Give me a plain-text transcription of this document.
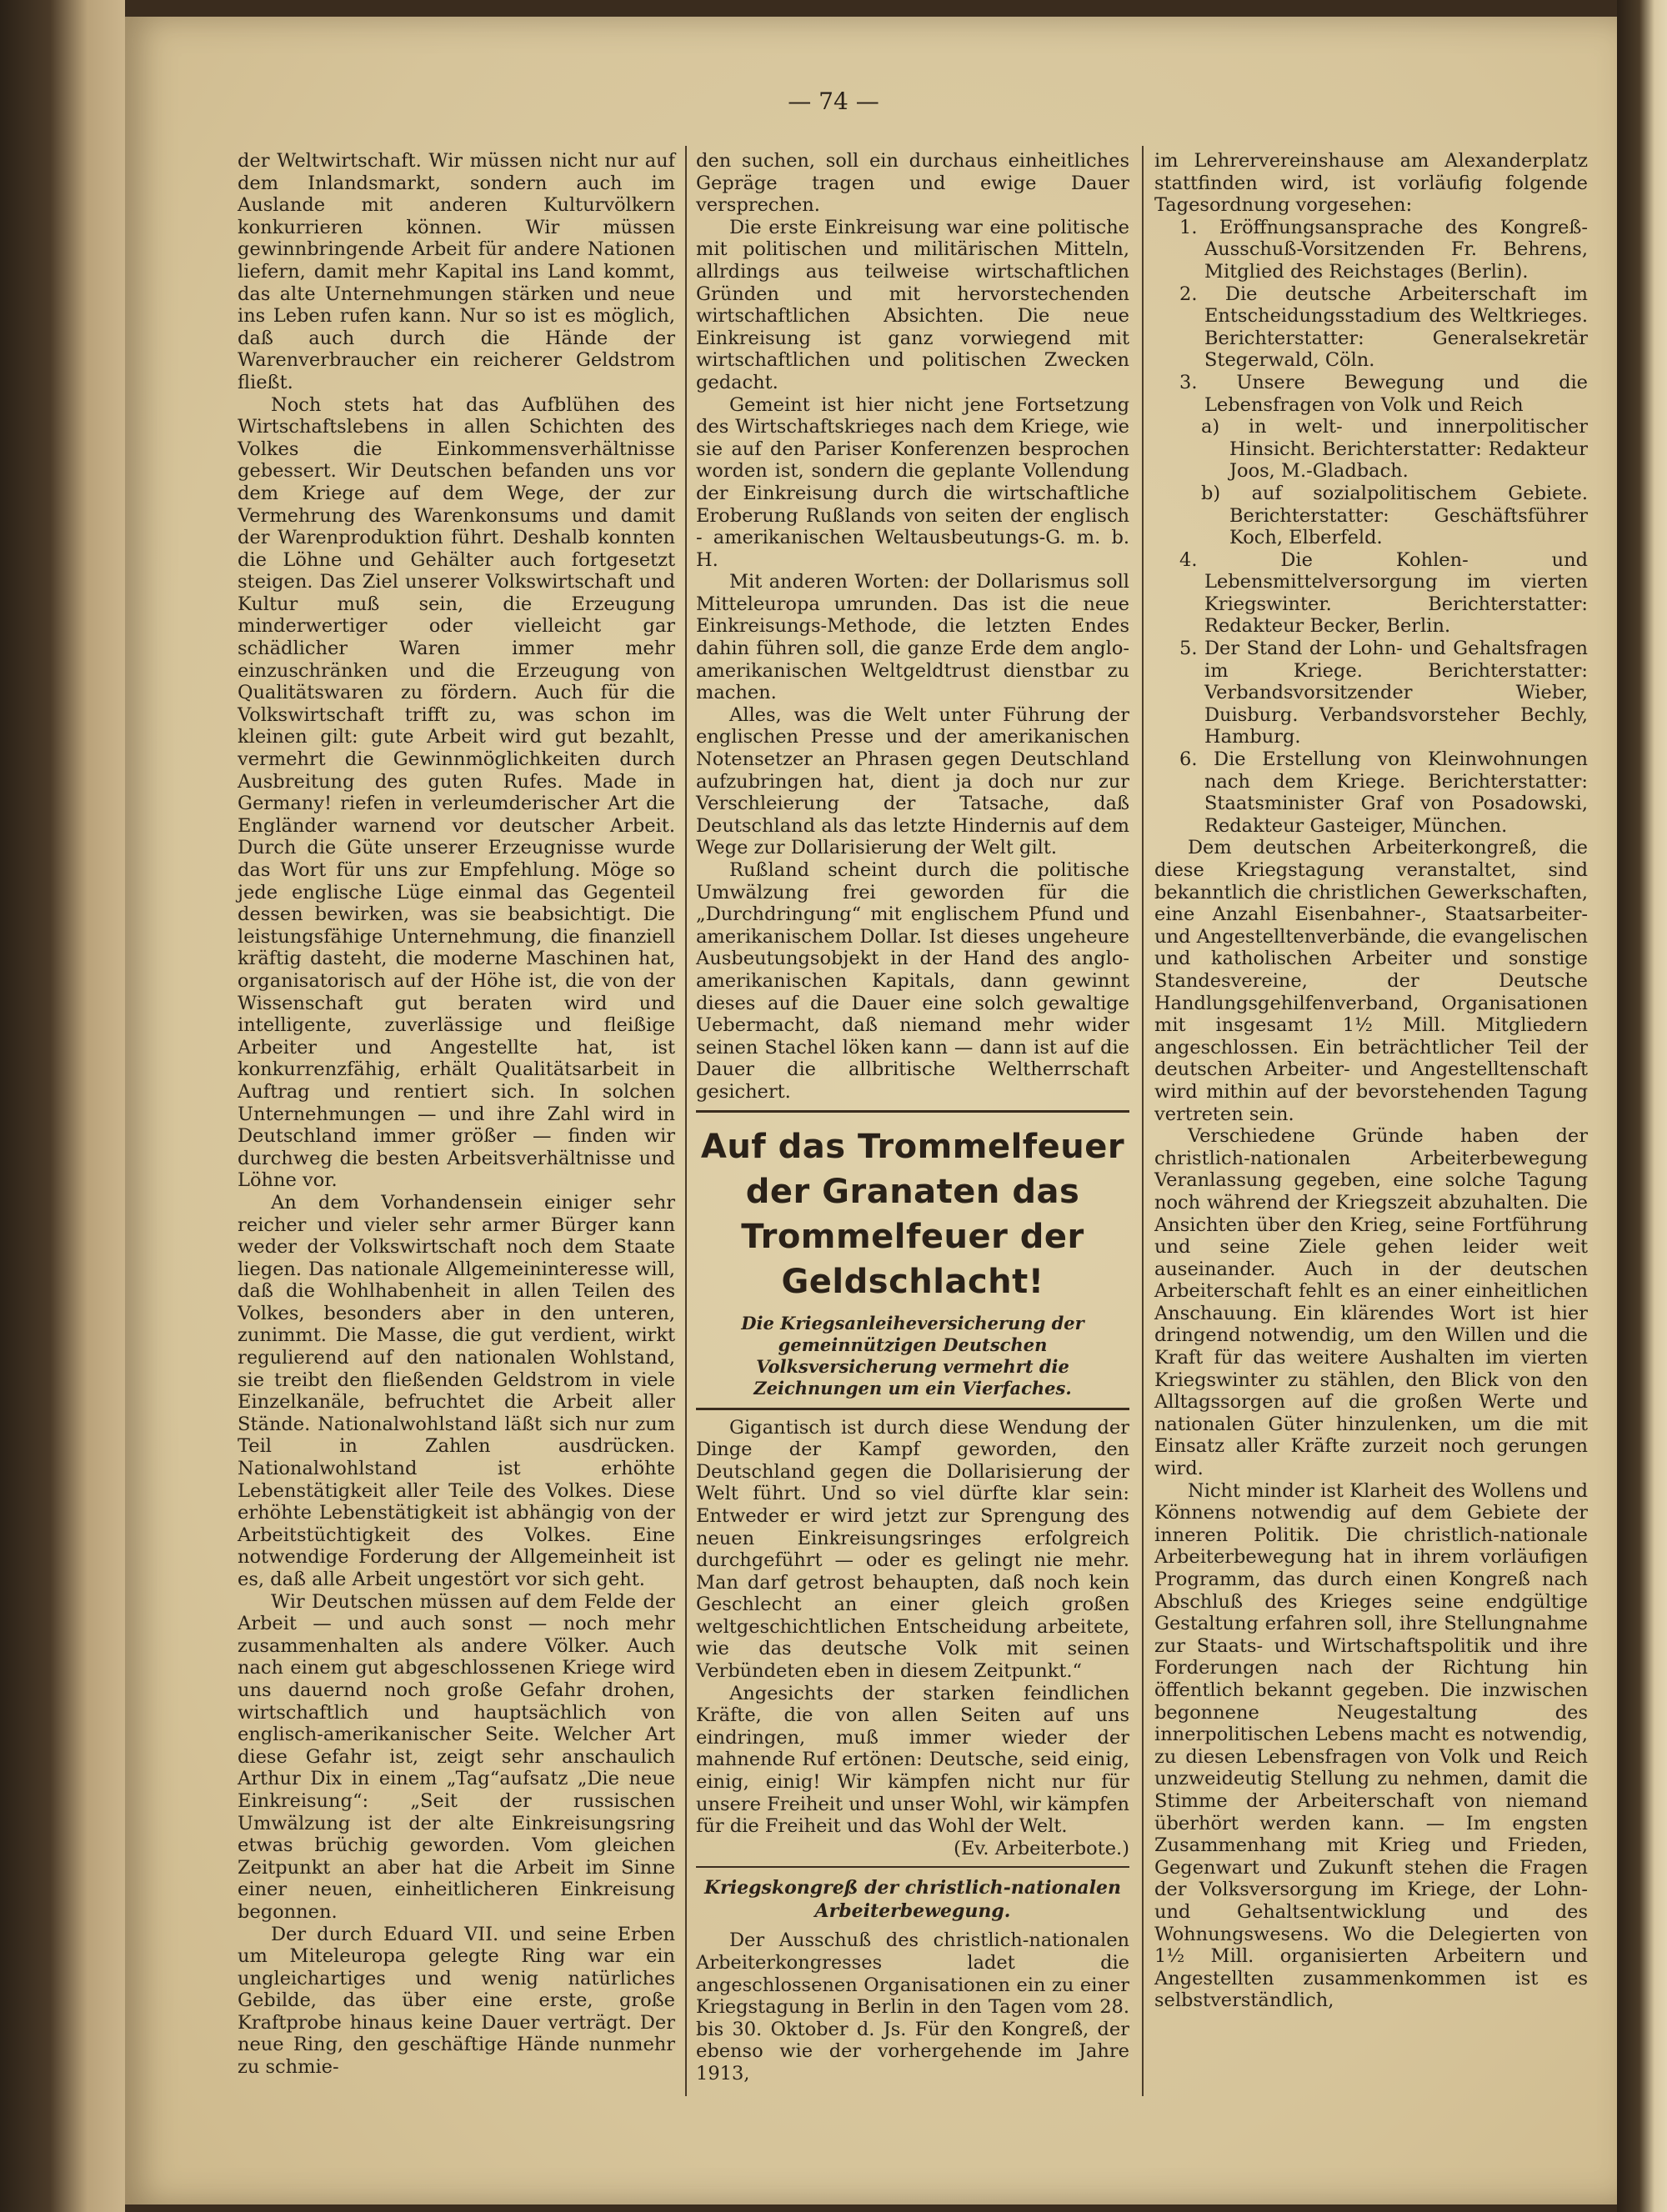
— 74 —

der Weltwirtschaft. Wir müssen nicht nur auf dem Inlandsmarkt, sondern auch im Auslande mit anderen Kulturvölkern konkurrieren können. Wir müssen gewinnbringende Arbeit für andere Nationen liefern, damit mehr Kapital ins Land kommt, das alte Unternehmungen stärken und neue ins Leben rufen kann. Nur so ist es möglich, daß auch durch die Hände der Warenverbraucher ein reicherer Geldstrom fließt.

Noch stets hat das Aufblühen des Wirtschaftslebens in allen Schichten des Volkes die Einkommensverhältnisse gebessert. Wir Deutschen befanden uns vor dem Kriege auf dem Wege, der zur Vermehrung des Warenkonsums und damit der Warenproduktion führt. Deshalb konnten die Löhne und Gehälter auch fortgesetzt steigen. Das Ziel unserer Volkswirtschaft und Kultur muß sein, die Erzeugung minderwertiger oder vielleicht gar schädlicher Waren immer mehr einzuschränken und die Erzeugung von Qualitätswaren zu fördern. Auch für die Volkswirtschaft trifft zu, was schon im kleinen gilt: gute Arbeit wird gut bezahlt, vermehrt die Gewinnmöglichkeiten durch Ausbreitung des guten Rufes. Made in Germany! riefen in verleumderischer Art die Engländer warnend vor deutscher Arbeit. Durch die Güte unserer Erzeugnisse wurde das Wort für uns zur Empfehlung. Möge so jede englische Lüge einmal das Gegenteil dessen bewirken, was sie beabsichtigt. Die leistungsfähige Unternehmung, die finanziell kräftig dasteht, die moderne Maschinen hat, organisatorisch auf der Höhe ist, die von der Wissenschaft gut beraten wird und intelligente, zuverlässige und fleißige Arbeiter und Angestellte hat, ist konkurrenzfähig, erhält Qualitätsarbeit in Auftrag und rentiert sich. In solchen Unternehmungen — und ihre Zahl wird in Deutschland immer größer — finden wir durchweg die besten Arbeitsverhältnisse und Löhne vor.

An dem Vorhandensein einiger sehr reicher und vieler sehr armer Bürger kann weder der Volkswirtschaft noch dem Staate liegen. Das nationale Allgemeininteresse will, daß die Wohlhabenheit in allen Teilen des Volkes, besonders aber in den unteren, zunimmt. Die Masse, die gut verdient, wirkt regulierend auf den nationalen Wohlstand, sie treibt den fließenden Geldstrom in viele Einzelkanäle, befruchtet die Arbeit aller Stände. Nationalwohlstand läßt sich nur zum Teil in Zahlen ausdrücken. Nationalwohlstand ist erhöhte Lebenstätigkeit aller Teile des Volkes. Diese erhöhte Lebenstätigkeit ist abhängig von der Arbeitstüchtigkeit des Volkes. Eine notwendige Forderung der Allgemeinheit ist es, daß alle Arbeit ungestört vor sich geht.

Wir Deutschen müssen auf dem Felde der Arbeit — und auch sonst — noch mehr zusammenhalten als andere Völker. Auch nach einem gut abgeschlossenen Kriege wird uns dauernd noch große Gefahr drohen, wirtschaftlich und hauptsächlich von englisch-amerikanischer Seite. Welcher Art diese Gefahr ist, zeigt sehr anschaulich Arthur Dix in einem „Tag“aufsatz „Die neue Einkreisung“: „Seit der russischen Umwälzung ist der alte Einkreisungsring etwas brüchig geworden. Vom gleichen Zeitpunkt an aber hat die Arbeit im Sinne einer neuen, einheitlicheren Einkreisung begonnen.

Der durch Eduard VII. und seine Erben um Miteleuropa gelegte Ring war ein ungleichartiges und wenig natürliches Gebilde, das über eine erste, große Kraftprobe hinaus keine Dauer verträgt. Der neue Ring, den geschäftige Hände nunmehr zu schmie-

den suchen, soll ein durchaus einheitliches Gepräge tragen und ewige Dauer versprechen.

Die erste Einkreisung war eine politische mit politischen und militärischen Mitteln, allrdings aus teilweise wirtschaftlichen Gründen und mit hervorstechenden wirtschaftlichen Absichten. Die neue Einkreisung ist ganz vorwiegend mit wirtschaftlichen und politischen Zwecken gedacht.

Gemeint ist hier nicht jene Fortsetzung des Wirtschaftskrieges nach dem Kriege, wie sie auf den Pariser Konferenzen besprochen worden ist, sondern die geplante Vollendung der Einkreisung durch die wirtschaftliche Eroberung Rußlands von seiten der englisch - amerikanischen Weltausbeutungs-G. m. b. H.

Mit anderen Worten: der Dollarismus soll Mitteleuropa umrunden. Das ist die neue Einkreisungs-Methode, die letzten Endes dahin führen soll, die ganze Erde dem anglo-amerikanischen Weltgeldtrust dienstbar zu machen.

Alles, was die Welt unter Führung der englischen Presse und der amerikanischen Notensetzer an Phrasen gegen Deutschland aufzubringen hat, dient ja doch nur zur Verschleierung der Tatsache, daß Deutschland als das letzte Hindernis auf dem Wege zur Dollarisierung der Welt gilt.

Rußland scheint durch die politische Umwälzung frei geworden für die „Durchdringung“ mit englischem Pfund und amerikanischem Dollar. Ist dieses ungeheure Ausbeutungsobjekt in der Hand des anglo-amerikanischen Kapitals, dann gewinnt dieses auf die Dauer eine solch gewaltige Uebermacht, daß niemand mehr wider seinen Stachel löken kann — dann ist auf die Dauer die allbritische Weltherrschaft gesichert.

Auf das Trommelfeuer der Granaten das Trommelfeuer der Geldschlacht!
Die Kriegsanleiheversicherung der gemeinnützigen Deutschen Volksversicherung vermehrt die Zeichnungen um ein Vierfaches.

Gigantisch ist durch diese Wendung der Dinge der Kampf geworden, den Deutschland gegen die Dollarisierung der Welt führt. Und so viel dürfte klar sein: Entweder er wird jetzt zur Sprengung des neuen Einkreisungsringes erfolgreich durchgeführt — oder es gelingt nie mehr. Man darf getrost behaupten, daß noch kein Geschlecht an einer gleich großen weltgeschichtlichen Entscheidung arbeitete, wie das deutsche Volk mit seinen Verbündeten eben in diesem Zeitpunkt.“

Angesichts der starken feindlichen Kräfte, die von allen Seiten auf uns eindringen, muß immer wieder der mahnende Ruf ertönen: Deutsche, seid einig, einig, einig! Wir kämpfen nicht nur für unsere Freiheit und unser Wohl, wir kämpfen für die Freiheit und das Wohl der Welt.

(Ev. Arbeiterbote.)

Kriegskongreß der christlich-nationalen Arbeiterbewegung.

Der Ausschuß des christlich-nationalen Arbeiterkongresses ladet die angeschlossenen Organisationen ein zu einer Kriegstagung in Berlin in den Tagen vom 28. bis 30. Oktober d. Js. Für den Kongreß, der ebenso wie der vorhergehende im Jahre 1913,

im Lehrervereinshause am Alexanderplatz stattfinden wird, ist vorläufig folgende Tagesordnung vorgesehen:

1. Eröffnungsansprache des Kongreß-Ausschuß-Vorsitzenden Fr. Behrens, Mitglied des Reichstages (Berlin).
2. Die deutsche Arbeiterschaft im Entscheidungsstadium des Weltkrieges. Berichterstatter: Generalsekretär Stegerwald, Cöln.
3. Unsere Bewegung und die Lebensfragen von Volk und Reich
a) in welt- und innerpolitischer Hinsicht. Berichterstatter: Redakteur Joos, M.-Gladbach.
b) auf sozialpolitischem Gebiete. Berichterstatter: Geschäftsführer Koch, Elberfeld.
4. Die Kohlen- und Lebensmittelversorgung im vierten Kriegswinter. Berichterstatter: Redakteur Becker, Berlin.
5. Der Stand der Lohn- und Gehaltsfragen im Kriege. Berichterstatter: Verbandsvorsitzender Wieber, Duisburg. Verbandsvorsteher Bechly, Hamburg.
6. Die Erstellung von Kleinwohnungen nach dem Kriege. Berichterstatter: Staatsminister Graf von Posadowski, Redakteur Gasteiger, München.

Dem deutschen Arbeiterkongreß, die diese Kriegstagung veranstaltet, sind bekanntlich die christlichen Gewerkschaften, eine Anzahl Eisenbahner-, Staatsarbeiter- und Angestelltenverbände, die evangelischen und katholischen Arbeiter und sonstige Standesvereine, der Deutsche Handlungsgehilfenverband, Organisationen mit insgesamt 1½ Mill. Mitgliedern angeschlossen. Ein beträchtlicher Teil der deutschen Arbeiter- und Angestelltenschaft wird mithin auf der bevorstehenden Tagung vertreten sein.

Verschiedene Gründe haben der christlich-nationalen Arbeiterbewegung Veranlassung gegeben, eine solche Tagung noch während der Kriegszeit abzuhalten. Die Ansichten über den Krieg, seine Fortführung und seine Ziele gehen leider weit auseinander. Auch in der deutschen Arbeiterschaft fehlt es an einer einheitlichen Anschauung. Ein klärendes Wort ist hier dringend notwendig, um den Willen und die Kraft für das weitere Aushalten im vierten Kriegswinter zu stählen, den Blick von den Alltagssorgen auf die großen Werte und nationalen Güter hinzulenken, um die mit Einsatz aller Kräfte zurzeit noch gerungen wird.

Nicht minder ist Klarheit des Wollens und Könnens notwendig auf dem Gebiete der inneren Politik. Die christlich-nationale Arbeiterbewegung hat in ihrem vorläufigen Programm, das durch einen Kongreß nach Abschluß des Krieges seine endgültige Gestaltung erfahren soll, ihre Stellungnahme zur Staats- und Wirtschaftspolitik und ihre Forderungen nach der Richtung hin öffentlich bekannt gegeben. Die inzwischen begonnene Neugestaltung des innerpolitischen Lebens macht es notwendig, zu diesen Lebensfragen von Volk und Reich unzweideutig Stellung zu nehmen, damit die Stimme der Arbeiterschaft von niemand überhört werden kann. — Im engsten Zusammenhang mit Krieg und Frieden, Gegenwart und Zukunft stehen die Fragen der Volksversorgung im Kriege, der Lohn- und Gehaltsentwicklung und des Wohnungswesens. Wo die Delegierten von 1½ Mill. organisierten Arbeitern und Angestellten zusammenkommen ist es selbstverständlich,
